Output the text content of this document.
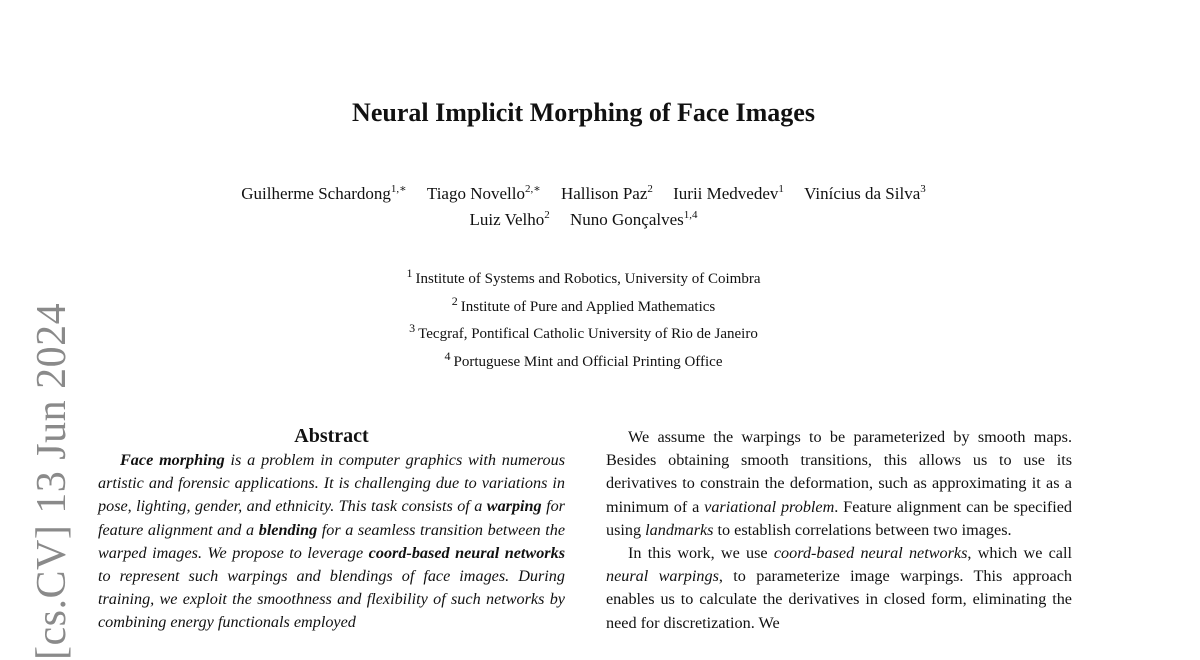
[cs.CV] 13 Jun 2024
Neural Implicit Morphing of Face Images
Guilherme Schardong$^{1,∗}$ Tiago Novello$^{2,∗}$ Hallison Paz$^2$ Iurii Medvedev$^1$ Vinícius da Silva$^3$
Luiz Velho$^2$ Nuno Gonçalves$^{1,4}$
$^1$ Institute of Systems and Robotics, University of Coimbra
$^2$ Institute of Pure and Applied Mathematics
$^3$ Tecgraf, Pontifical Catholic University of Rio de Janeiro
$^4$ Portuguese Mint and Official Printing Office
Abstract

Face morphing is a problem in computer graphics with numerous artistic and forensic applications. It is challenging due to variations in pose, lighting, gender, and ethnicity. This task consists of a warping for feature alignment and a blending for a seamless transition between the warped images. We propose to leverage coord-based neural networks to represent such warpings and blendings of face images. During training, we exploit the smoothness and flexibility of such networks by combining energy functionals employed

We assume the warpings to be parameterized by smooth maps. Besides obtaining smooth transitions, this allows us to use its derivatives to constrain the deformation, such as approximating it as a minimum of a variational problem. Feature alignment can be specified using landmarks to establish correlations between two images.

In this work, we use coord-based neural networks, which we call neural warpings, to parameterize image warpings. This approach enables us to calculate the derivatives in closed form, eliminating the need for discretization. We
